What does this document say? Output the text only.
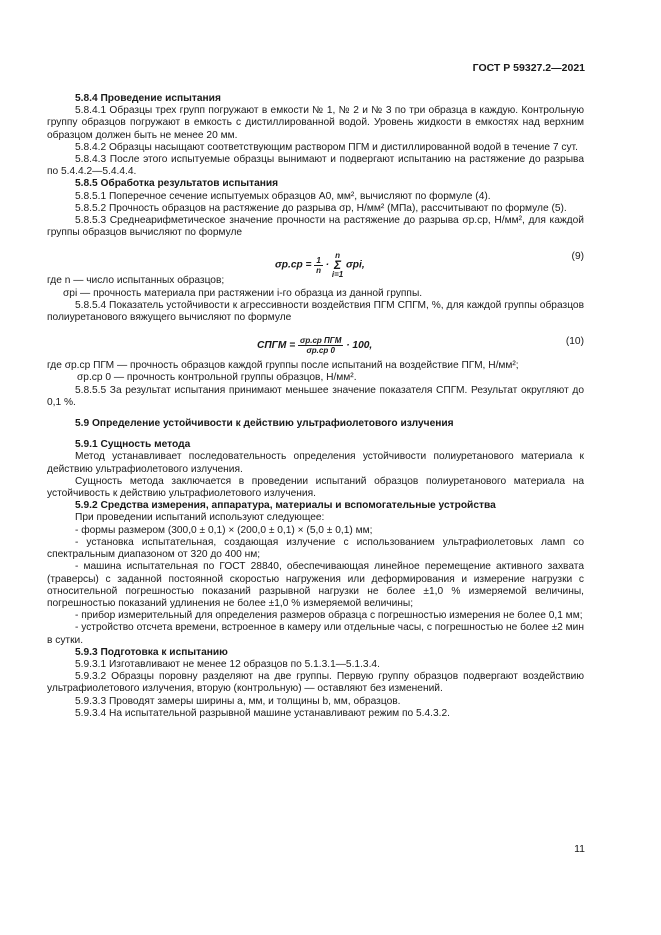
ГОСТ Р 59327.2—2021

5.8.4 Проведение испытания

5.8.4.1 Образцы трех групп погружают в емкости № 1, № 2 и № 3 по три образца в каждую. Контрольную группу образцов погружают в емкость с дистиллированной водой. Уровень жидкости в емкостях над верхним образцом должен быть не менее 20 мм.

5.8.4.2 Образцы насыщают соответствующим раствором ПГМ и дистиллированной водой в течение 7 сут.

5.8.4.3 После этого испытуемые образцы вынимают и подвергают испытанию на растяжение до разрыва по 5.4.4.2—5.4.4.4.

5.8.5 Обработка результатов испытания

5.8.5.1 Поперечное сечение испытуемых образцов A0, мм², вычисляют по формуле (4).

5.8.5.2 Прочность образцов на растяжение до разрыва σр, Н/мм² (МПа), рассчитывают по формуле (5).

5.8.5.3 Среднеарифметическое значение прочности на растяжение до разрыва σр.ср, Н/мм², для каждой группы образцов вычисляют по формуле

$\sigma р.ср = \frac{1}{n}$ ·
n
Σ
i=1
σрi,
(9)

где n — число испытанных образцов;

σрi — прочность материала при растяжении i-го образца из данной группы.

5.8.5.4 Показатель устойчивости к агрессивности воздействия ПГМ СПГМ, %, для каждой группы образцов полиуретанового вяжущего вычисляют по формуле

CПГМ = $\frac{\text{σр.ср ПГМ}}{\sigma р.ср 0} \cdot 100$,	(10)

где σр.ср ПГМ — прочность образцов каждой группы после испытаний на воздействие ПГМ, Н/мм²;

σр.ср 0 — прочность контрольной группы образцов, Н/мм².

5.8.5.5 За результат испытания принимают меньшее значение показателя СПГМ. Результат округляют до 0,1 %.

5.9 Определение устойчивости к действию ультрафиолетового излучения

5.9.1 Сущность метода

Метод устанавливает последовательность определения устойчивости полиуретанового материала к действию ультрафиолетового излучения.

Сущность метода заключается в проведении испытаний образцов полиуретанового материала на устойчивость к действию ультрафиолетового излучения.

5.9.2 Средства измерения, аппаратура, материалы и вспомогательные устройства

При проведении испытаний используют следующее:

- формы размером (300,0 ± 0,1) × (200,0 ± 0,1) × (5,0 ± 0,1) мм;

- установка испытательная, создающая излучение с использованием ультрафиолетовых ламп со спектральным диапазоном от 320 до 400 нм;

- машина испытательная по ГОСТ 28840, обеспечивающая линейное перемещение активного захвата (траверсы) с заданной постоянной скоростью нагружения или деформирования и измерение нагрузки с относительной погрешностью показаний разрывной нагрузки не более ±1,0 % измеряемой величины, погрешностью показаний удлинения не более ±1,0 % измеряемой величины;

- прибор измерительный для определения размеров образца с погрешностью измерения не более 0,1 мм;

- устройство отсчета времени, встроенное в камеру или отдельные часы, с погрешностью не более ±2 мин в сутки.

5.9.3 Подготовка к испытанию

5.9.3.1 Изготавливают не менее 12 образцов по 5.1.3.1—5.1.3.4.

5.9.3.2 Образцы поровну разделяют на две группы. Первую группу образцов подвергают воздействию ультрафиолетового излучения, вторую (контрольную) — оставляют без изменений.

5.9.3.3 Проводят замеры ширины a, мм, и толщины b, мм, образцов.

5.9.3.4 На испытательной разрывной машине устанавливают режим по 5.4.3.2.

11
